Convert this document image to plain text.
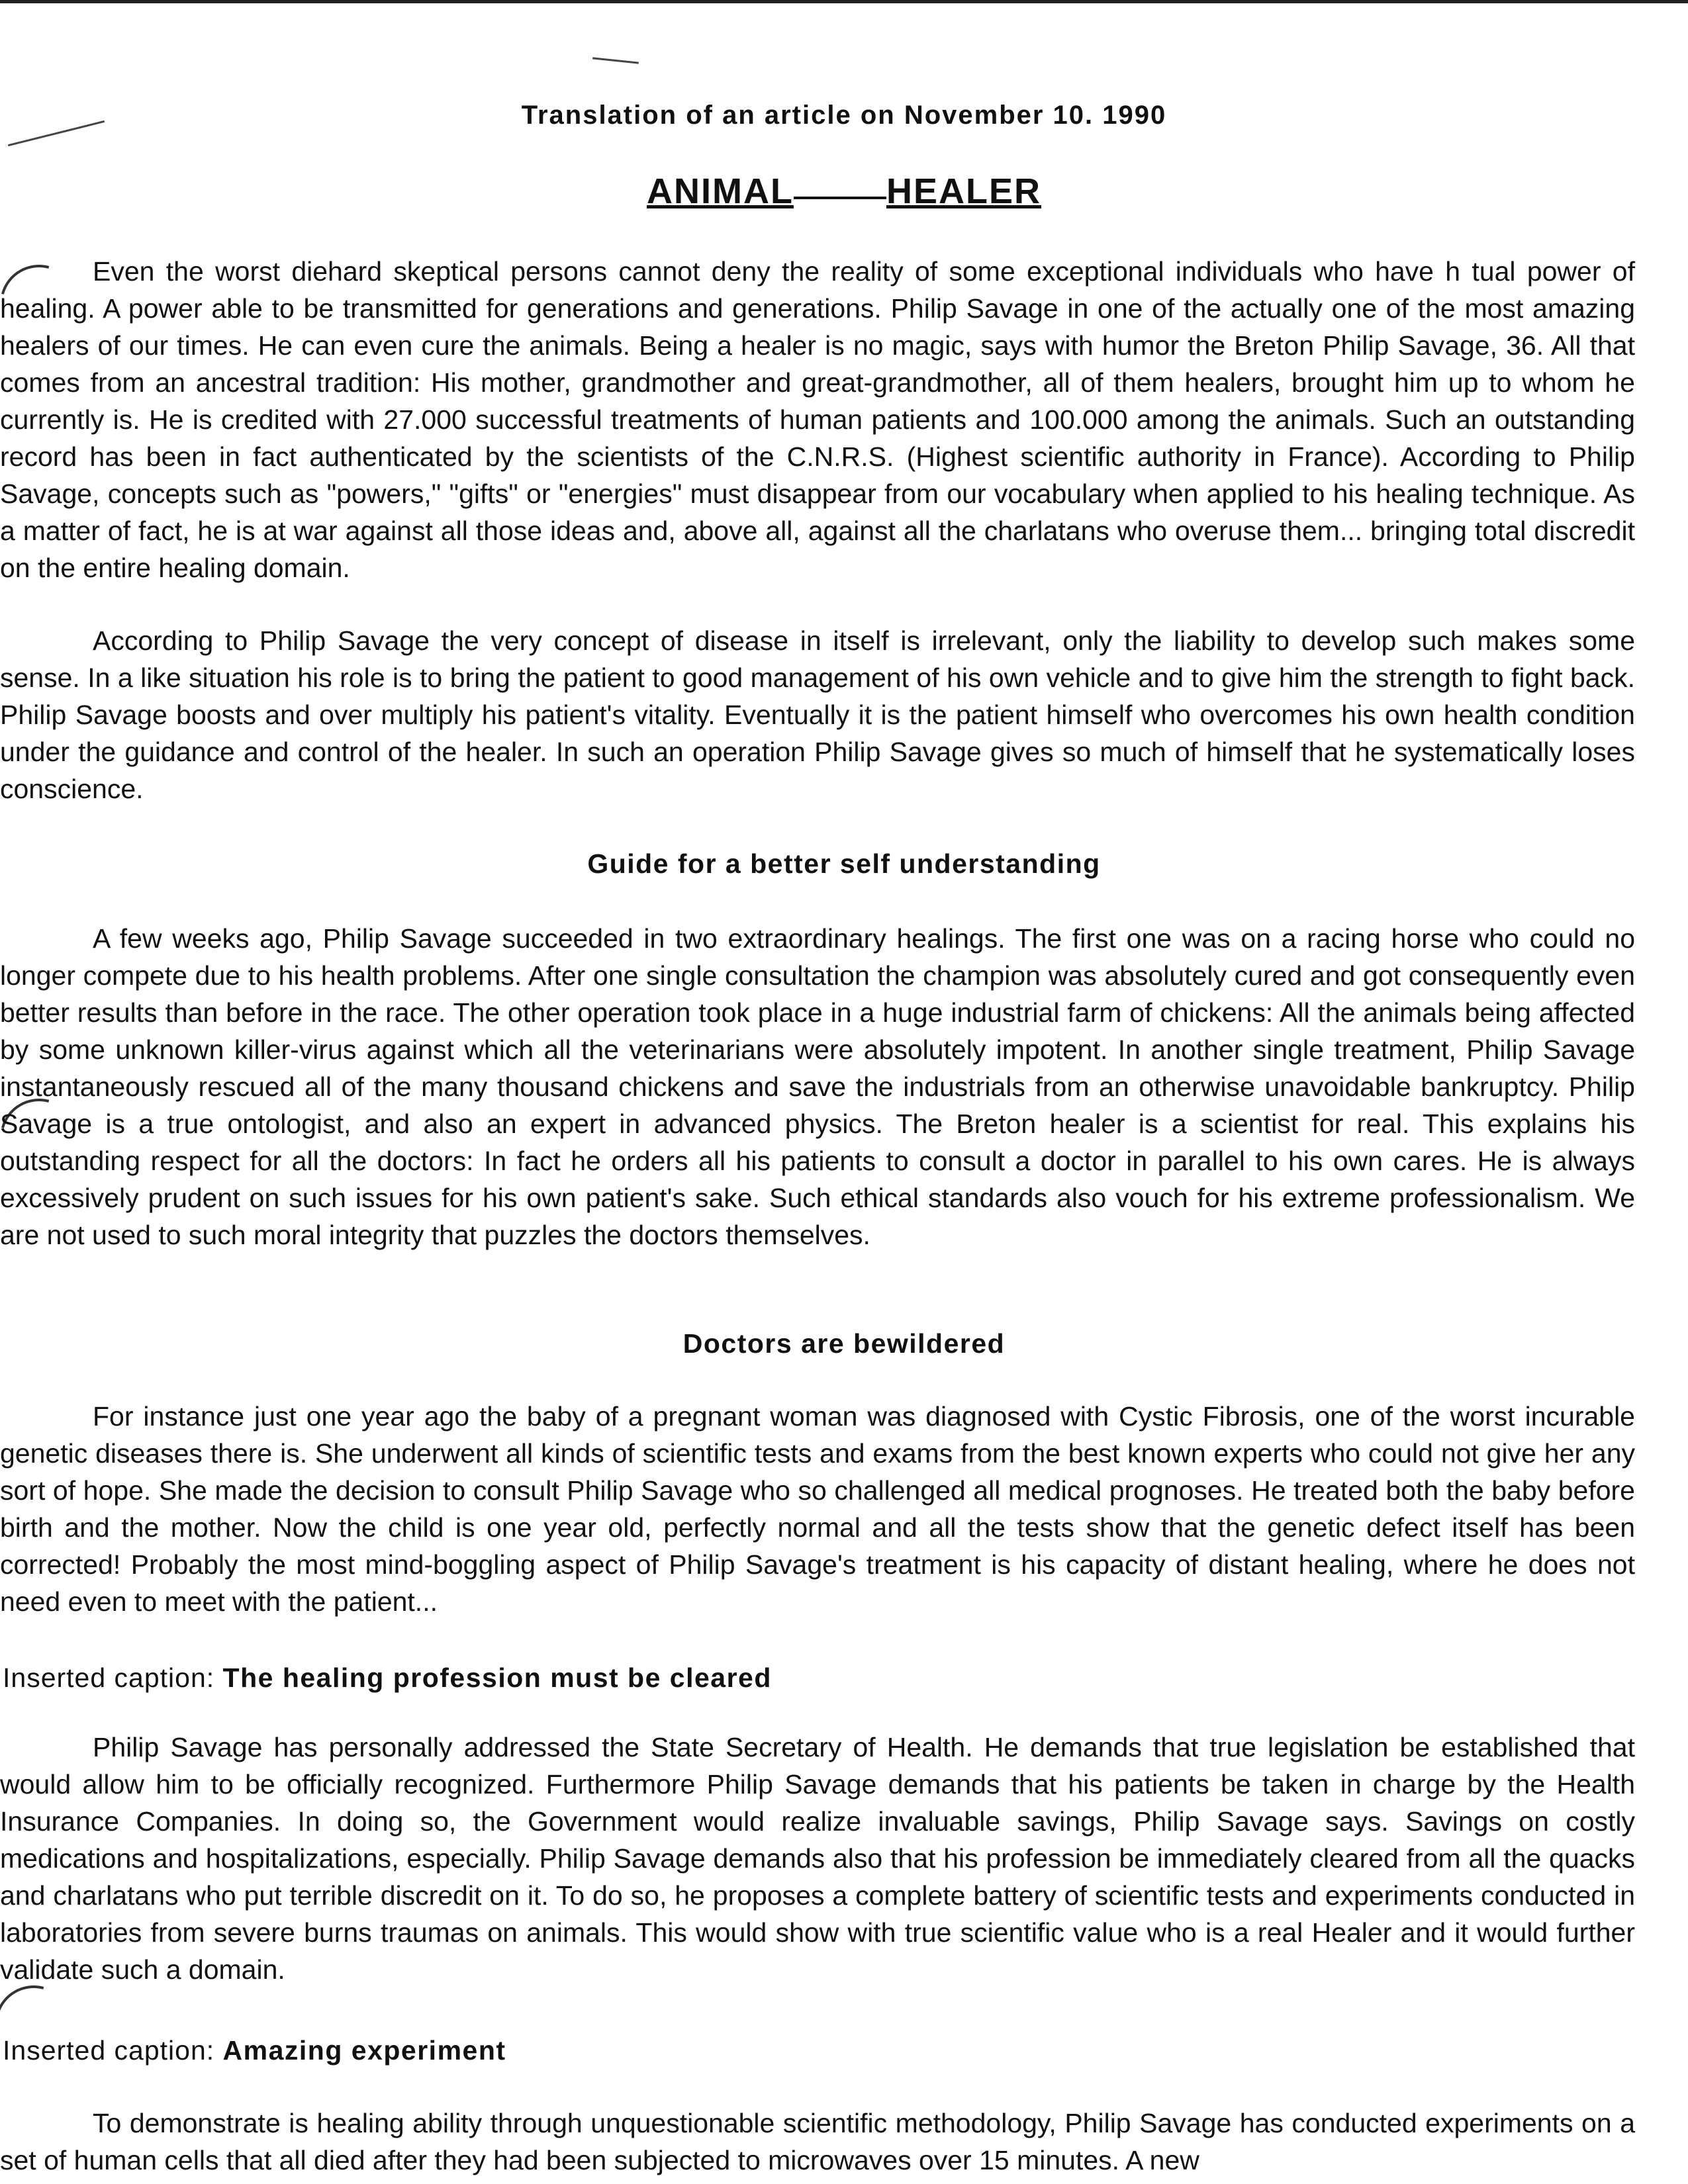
Translation of an article on November 10. 1990
ANIMAL	HEALER

Even the worst diehard skeptical persons cannot deny the reality of some exceptional individuals who have h tual power of healing. A power able to be transmitted for generations and generations. Philip Savage in one of the actually one of the most amazing healers of our times. He can even cure the animals. Being a healer is no magic, says with humor the Breton Philip Savage, 36. All that comes from an ancestral tradition: His mother, grandmother and great-grandmother, all of them healers, brought him up to whom he currently is. He is credited with 27.000 successful treatments of human patients and 100.000 among the animals. Such an outstanding record has been in fact authenticated by the scientists of the C.N.R.S. (Highest scientific authority in France). According to Philip Savage, concepts such as "powers," "gifts" or "energies" must disappear from our vocabulary when applied to his healing technique. As a matter of fact, he is at war against all those ideas and, above all, against all the charlatans who overuse them... bringing total discredit on the entire healing domain.

According to Philip Savage the very concept of disease in itself is irrelevant, only the liability to develop such makes some sense. In a like situation his role is to bring the patient to good management of his own vehicle and to give him the strength to fight back. Philip Savage boosts and over multiply his patient's vitality. Eventually it is the patient himself who overcomes his own health condition under the guidance and control of the healer. In such an operation Philip Savage gives so much of himself that he systematically loses conscience.

Guide for a better self understanding

A few weeks ago, Philip Savage succeeded in two extraordinary healings. The first one was on a racing horse who could no longer compete due to his health problems. After one single consultation the champion was absolutely cured and got consequently even better results than before in the race. The other operation took place in a huge industrial farm of chickens: All the animals being affected by some unknown killer-virus against which all the veterinarians were absolutely impotent. In another single treatment, Philip Savage instantaneously rescued all of the many thousand chickens and save the industrials from an otherwise unavoidable bankruptcy. Philip Savage is a true ontologist, and also an expert in advanced physics. The Breton healer is a scientist for real. This explains his outstanding respect for all the doctors: In fact he orders all his patients to consult a doctor in parallel to his own cares. He is always excessively prudent on such issues for his own patient's sake. Such ethical standards also vouch for his extreme professionalism. We are not used to such moral integrity that puzzles the doctors themselves.

Doctors are bewildered

For instance just one year ago the baby of a pregnant woman was diagnosed with Cystic Fibrosis, one of the worst incurable genetic diseases there is. She underwent all kinds of scientific tests and exams from the best known experts who could not give her any sort of hope. She made the decision to consult Philip Savage who so challenged all medical prognoses. He treated both the baby before birth and the mother. Now the child is one year old, perfectly normal and all the tests show that the genetic defect itself has been corrected! Probably the most mind-boggling aspect of Philip Savage's treatment is his capacity of distant healing, where he does not need even to meet with the patient...

Inserted caption: The healing profession must be cleared

Philip Savage has personally addressed the State Secretary of Health. He demands that true legislation be established that would allow him to be officially recognized. Furthermore Philip Savage demands that his patients be taken in charge by the Health Insurance Companies. In doing so, the Government would realize invaluable savings, Philip Savage says. Savings on costly medications and hospitalizations, especially. Philip Savage demands also that his profession be immediately cleared from all the quacks and charlatans who put terrible discredit on it. To do so, he proposes a complete battery of scientific tests and experiments conducted in laboratories from severe burns traumas on animals. This would show with true scientific value who is a real Healer and it would further validate such a domain.

Inserted caption: Amazing experiment

To demonstrate is healing ability through unquestionable scientific methodology, Philip Savage has conducted experiments on a set of human cells that all died after they had been subjected to microwaves over 15 minutes. A new
